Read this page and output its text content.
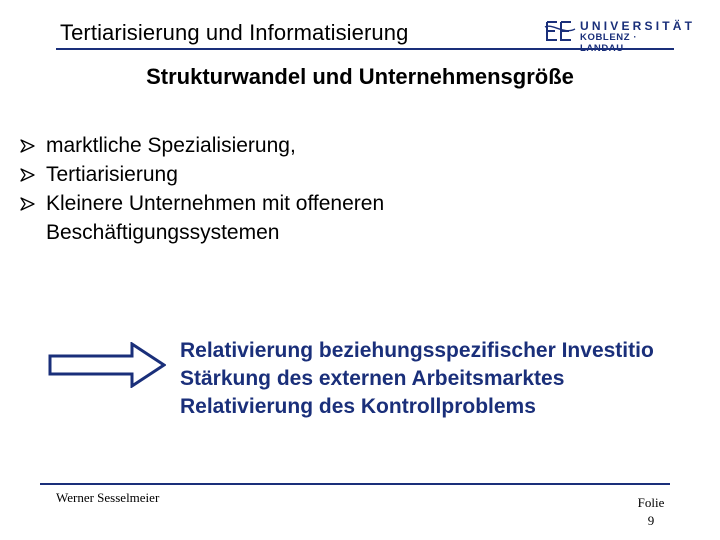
Tertiarisierung und Informatisierung	UNIVERSITÄT
KOBLENZ · LANDAU
Strukturwandel und Unternehmensgröße
marktliche Spezialisierung,
Tertiarisierung
Kleinere Unternehmen mit offeneren Beschäftigungssystemen
Relativierung beziehungsspezifischer Investitio
Stärkung des externen Arbeitsmarktes
Relativierung des Kontrollproblems
Werner Sesselmeier	Folie
9
